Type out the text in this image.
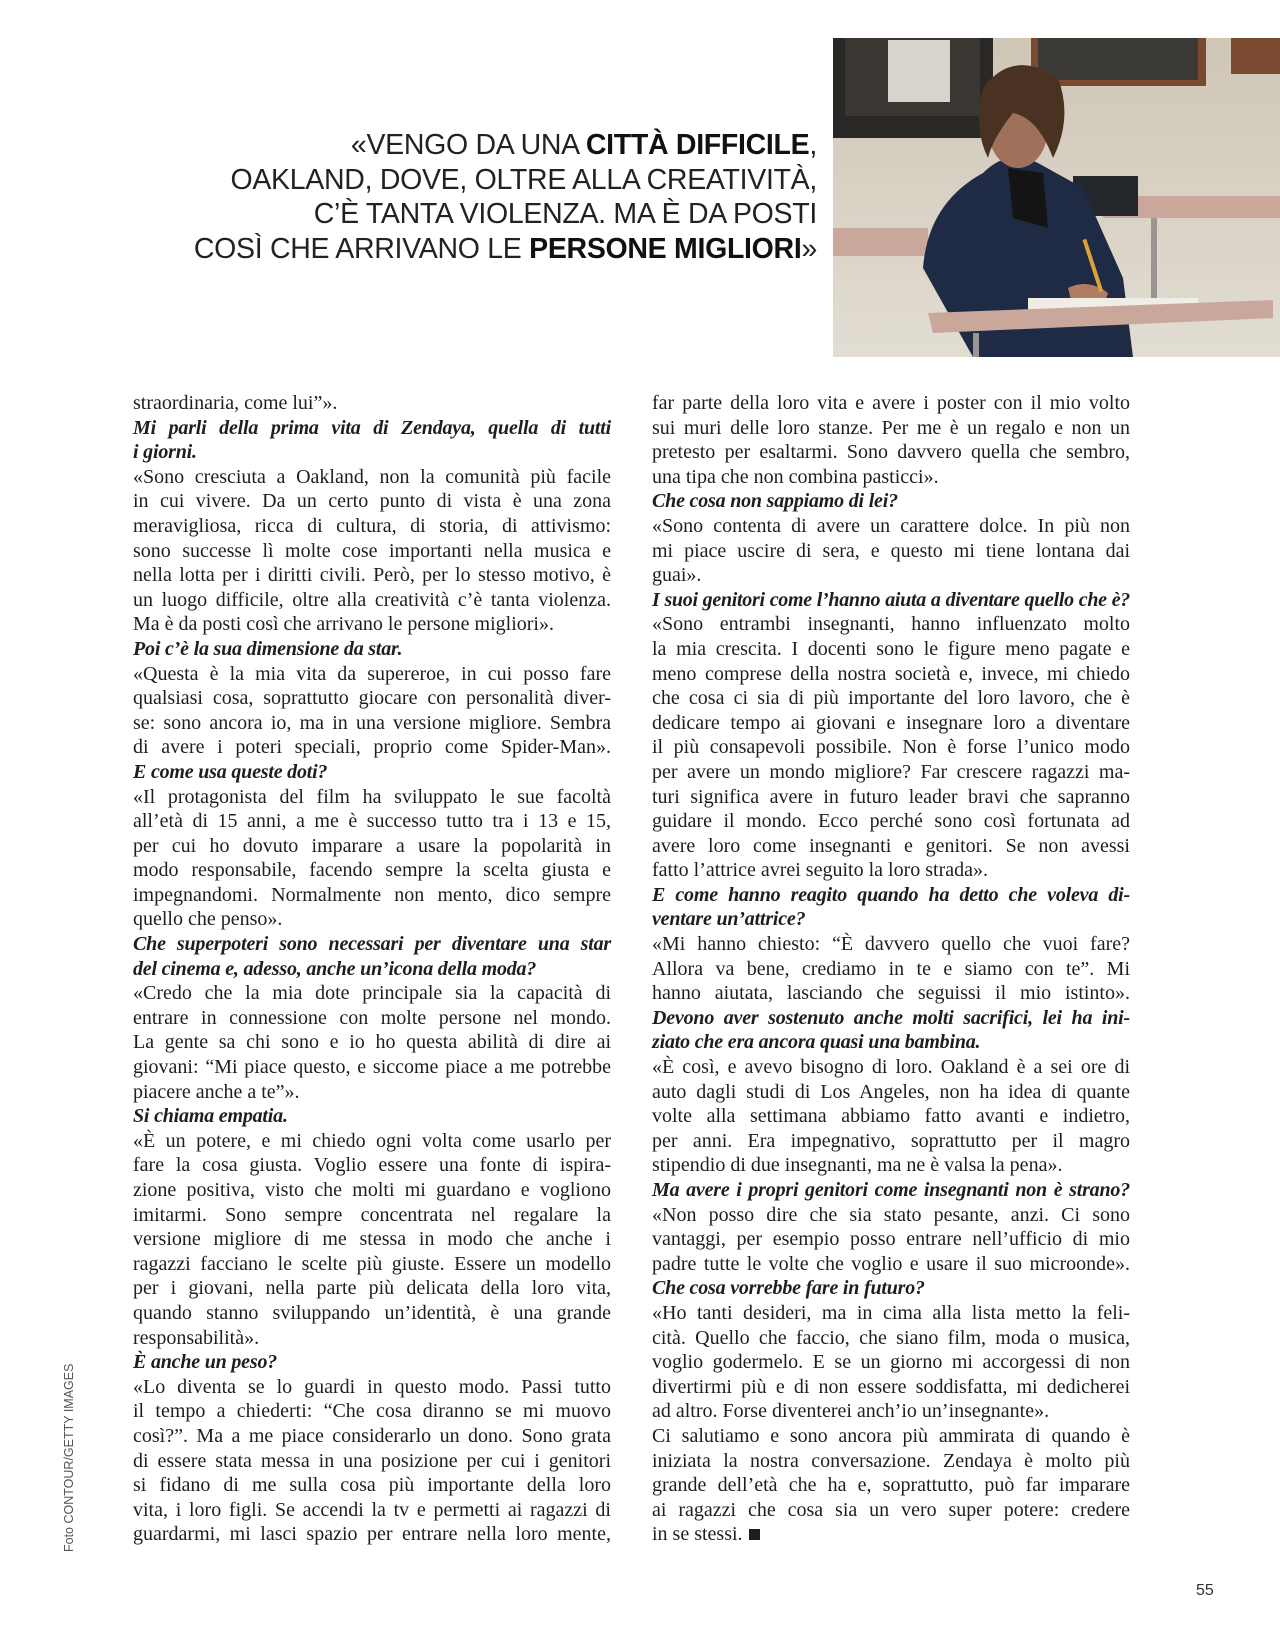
«VENGO DA UNA CITTÀ DIFFICILE,
OAKLAND, DOVE, OLTRE ALLA CREATIVITÀ,
C’È TANTA VIOLENZA. MA È DA POSTI
COSÌ CHE ARRIVANO LE PERSONE MIGLIORI»
straordinaria, come lui”».
Mi parli della prima vita di Zendaya, quella di tutti
i giorni.
«Sono cresciuta a Oakland, non la comunità più facile
in cui vivere. Da un certo punto di vista è una zona
meravigliosa, ricca di cultura, di storia, di attivismo:
sono successe lì molte cose importanti nella musica e
nella lotta per i diritti civili. Però, per lo stesso motivo, è
un luogo difficile, oltre alla creatività c’è tanta violenza.
Ma è da posti così che arrivano le persone migliori».
Poi c’è la sua dimensione da star.
«Questa è la mia vita da supereroe, in cui posso fare
qualsiasi cosa, soprattutto giocare con personalità diver-
se: sono ancora io, ma in una versione migliore. Sembra
di avere i poteri speciali, proprio come Spider-Man».
E come usa queste doti?
«Il protagonista del film ha sviluppato le sue facoltà
all’età di 15 anni, a me è successo tutto tra i 13 e 15,
per cui ho dovuto imparare a usare la popolarità in
modo responsabile, facendo sempre la scelta giusta e
impegnandomi. Normalmente non mento, dico sempre
quello che penso».
Che superpoteri sono necessari per diventare una star
del cinema e, adesso, anche un’icona della moda?
«Credo che la mia dote principale sia la capacità di
entrare in connessione con molte persone nel mondo.
La gente sa chi sono e io ho questa abilità di dire ai
giovani: “Mi piace questo, e siccome piace a me potrebbe
piacere anche a te”».
Si chiama empatia.
«È un potere, e mi chiedo ogni volta come usarlo per
fare la cosa giusta. Voglio essere una fonte di ispira-
zione positiva, visto che molti mi guardano e vogliono
imitarmi. Sono sempre concentrata nel regalare la
versione migliore di me stessa in modo che anche i
ragazzi facciano le scelte più giuste. Essere un modello
per i giovani, nella parte più delicata della loro vita,
quando stanno sviluppando un’identità, è una grande
responsabilità».
È anche un peso?
«Lo diventa se lo guardi in questo modo. Passi tutto
il tempo a chiederti: “Che cosa diranno se mi muovo
così?”. Ma a me piace considerarlo un dono. Sono grata
di essere stata messa in una posizione per cui i genitori
si fidano di me sulla cosa più importante della loro
vita, i loro figli. Se accendi la tv e permetti ai ragazzi di
guardarmi, mi lasci spazio per entrare nella loro mente,
far parte della loro vita e avere i poster con il mio volto
sui muri delle loro stanze. Per me è un regalo e non un
pretesto per esaltarmi. Sono davvero quella che sembro,
una tipa che non combina pasticci».
Che cosa non sappiamo di lei?
«Sono contenta di avere un carattere dolce. In più non
mi piace uscire di sera, e questo mi tiene lontana dai
guai».
I suoi genitori come l’hanno aiuta a diventare quello che è?
«Sono entrambi insegnanti, hanno influenzato molto
la mia crescita. I docenti sono le figure meno pagate e
meno comprese della nostra società e, invece, mi chiedo
che cosa ci sia di più importante del loro lavoro, che è
dedicare tempo ai giovani e insegnare loro a diventare
il più consapevoli possibile. Non è forse l’unico modo
per avere un mondo migliore? Far crescere ragazzi ma-
turi significa avere in futuro leader bravi che sapranno
guidare il mondo. Ecco perché sono così fortunata ad
avere loro come insegnanti e genitori. Se non avessi
fatto l’attrice avrei seguito la loro strada».
E come hanno reagito quando ha detto che voleva di-
ventare un’attrice?
«Mi hanno chiesto: “È davvero quello che vuoi fare?
Allora va bene, crediamo in te e siamo con te”. Mi
hanno aiutata, lasciando che seguissi il mio istinto».
Devono aver sostenuto anche molti sacrifici, lei ha ini-
ziato che era ancora quasi una bambina.
«È così, e avevo bisogno di loro. Oakland è a sei ore di
auto dagli studi di Los Angeles, non ha idea di quante
volte alla settimana abbiamo fatto avanti e indietro,
per anni. Era impegnativo, soprattutto per il magro
stipendio di due insegnanti, ma ne è valsa la pena».
Ma avere i propri genitori come insegnanti non è strano?
«Non posso dire che sia stato pesante, anzi. Ci sono
vantaggi, per esempio posso entrare nell’ufficio di mio
padre tutte le volte che voglio e usare il suo microonde».
Che cosa vorrebbe fare in futuro?
«Ho tanti desideri, ma in cima alla lista metto la feli-
cità. Quello che faccio, che siano film, moda o musica,
voglio godermelo. E se un giorno mi accorgessi di non
divertirmi più e di non essere soddisfatta, mi dedicherei
ad altro. Forse diventerei anch’io un’insegnante».
Ci salutiamo e sono ancora più ammirata di quando è
iniziata la nostra conversazione. Zendaya è molto più
grande dell’età che ha e, soprattutto, può far imparare
ai ragazzi che cosa sia un vero super potere: credere
in se stessi.
Foto CONTOUR/GETTY IMAGES
55
